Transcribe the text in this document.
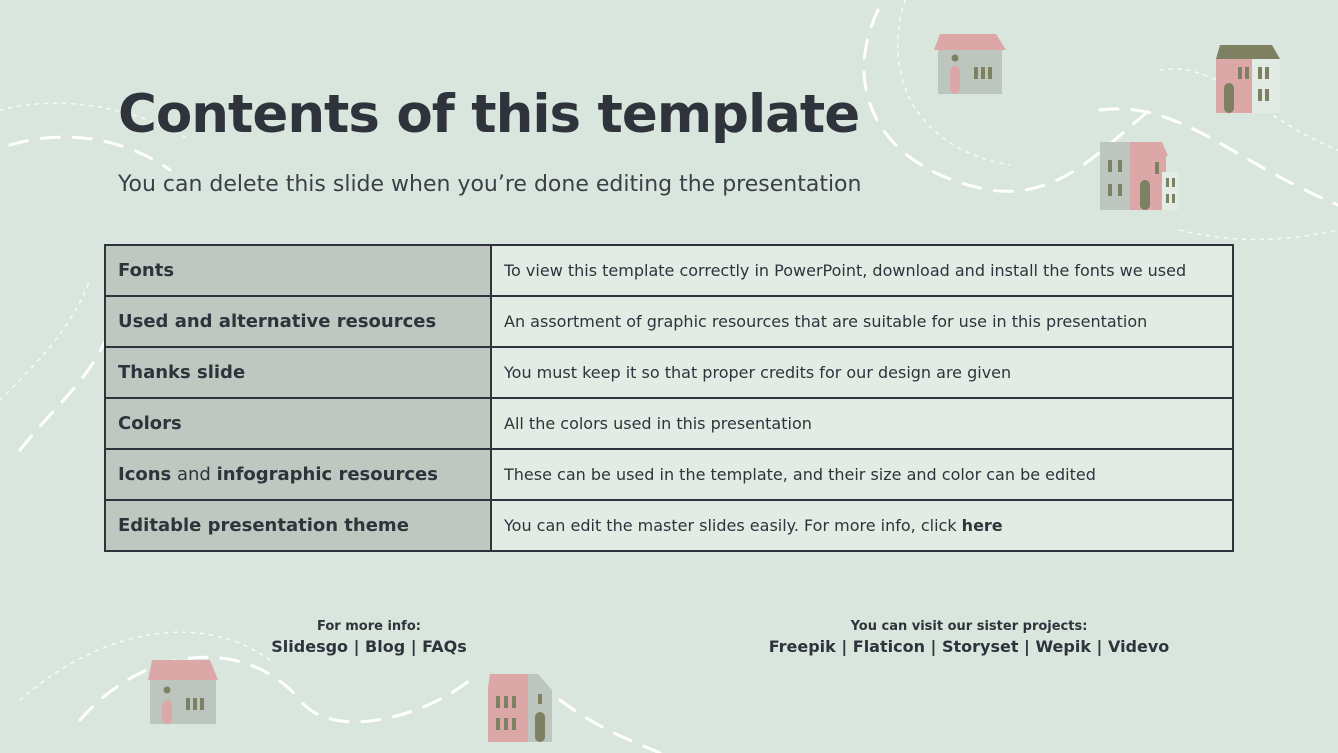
Contents of this template

You can delete this slide when you’re done editing the presentation

Fonts	To view this template correctly in PowerPoint, download and install the fonts we used
Used and alternative resources	An assortment of graphic resources that are suitable for use in this presentation
Thanks slide	You must keep it so that proper credits for our design are given
Colors	All the colors used in this presentation
Icons and infographic resources	These can be used in the template, and their size and color can be edited
Editable presentation theme	You can edit the master slides easily. For more info, click here
For more info:
Slidesgo | Blog | FAQs
You can visit our sister projects:
Freepik | Flaticon | Storyset | Wepik | Videvo
